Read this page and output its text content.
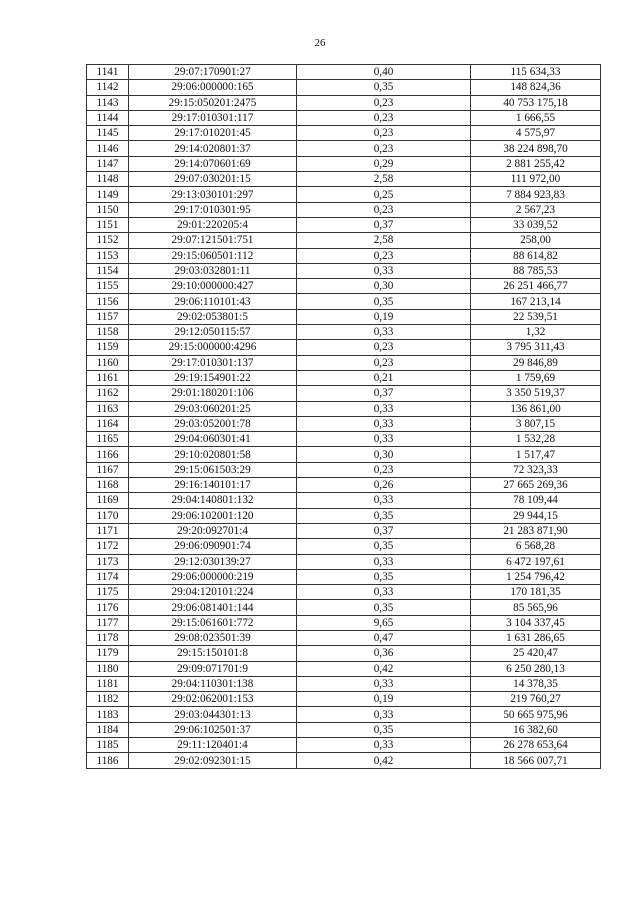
26
1141	29:07:170901:27	0,40	115 634,33
1142	29:06:000000:165	0,35	148 824,36
1143	29:15:050201:2475	0,23	40 753 175,18
1144	29:17:010301:117	0,23	1 666,55
1145	29:17:010201:45	0,23	4 575,97
1146	29:14:020801:37	0,23	38 224 898,70
1147	29:14:070601:69	0,29	2 881 255,42
1148	29:07:030201:15	2,58	111 972,00
1149	29:13:030101:297	0,25	7 884 923,83
1150	29:17:010301:95	0,23	2 567,23
1151	29:01:220205:4	0,37	33 039,52
1152	29:07:121501:751	2,58	258,00
1153	29:15:060501:112	0,23	88 614,82
1154	29:03:032801:11	0,33	88 785,53
1155	29:10:000000:427	0,30	26 251 466,77
1156	29:06:110101:43	0,35	167 213,14
1157	29:02:053801:5	0,19	22 539,51
1158	29:12:050115:57	0,33	1,32
1159	29:15:000000:4296	0,23	3 795 311,43
1160	29:17:010301:137	0,23	29 846,89
1161	29:19:154901:22	0,21	1 759,69
1162	29:01:180201:106	0,37	3 350 519,37
1163	29:03:060201:25	0,33	136 861,00
1164	29:03:052001:78	0,33	3 807,15
1165	29:04:060301:41	0,33	1 532,28
1166	29:10:020801:58	0,30	1 517,47
1167	29:15:061503:29	0,23	72 323,33
1168	29:16:140101:17	0,26	27 665 269,36
1169	29:04:140801:132	0,33	78 109,44
1170	29:06:102001:120	0,35	29 944,15
1171	29:20:092701:4	0,37	21 283 871,90
1172	29:06:090901:74	0,35	6 568,28
1173	29:12:030139:27	0,33	6 472 197,61
1174	29:06:000000:219	0,35	1 254 796,42
1175	29:04:120101:224	0,33	170 181,35
1176	29:06:081401:144	0,35	85 565,96
1177	29:15:061601:772	9,65	3 104 337,45
1178	29:08:023501:39	0,47	1 631 286,65
1179	29:15:150101:8	0,36	25 420,47
1180	29:09:071701:9	0,42	6 250 280,13
1181	29:04:110301:138	0,33	14 378,35
1182	29:02:062001:153	0,19	219 760,27
1183	29:03:044301:13	0,33	50 665 975,96
1184	29:06:102501:37	0,35	16 382,60
1185	29:11:120401:4	0,33	26 278 653,64
1186	29:02:092301:15	0,42	18 566 007,71
